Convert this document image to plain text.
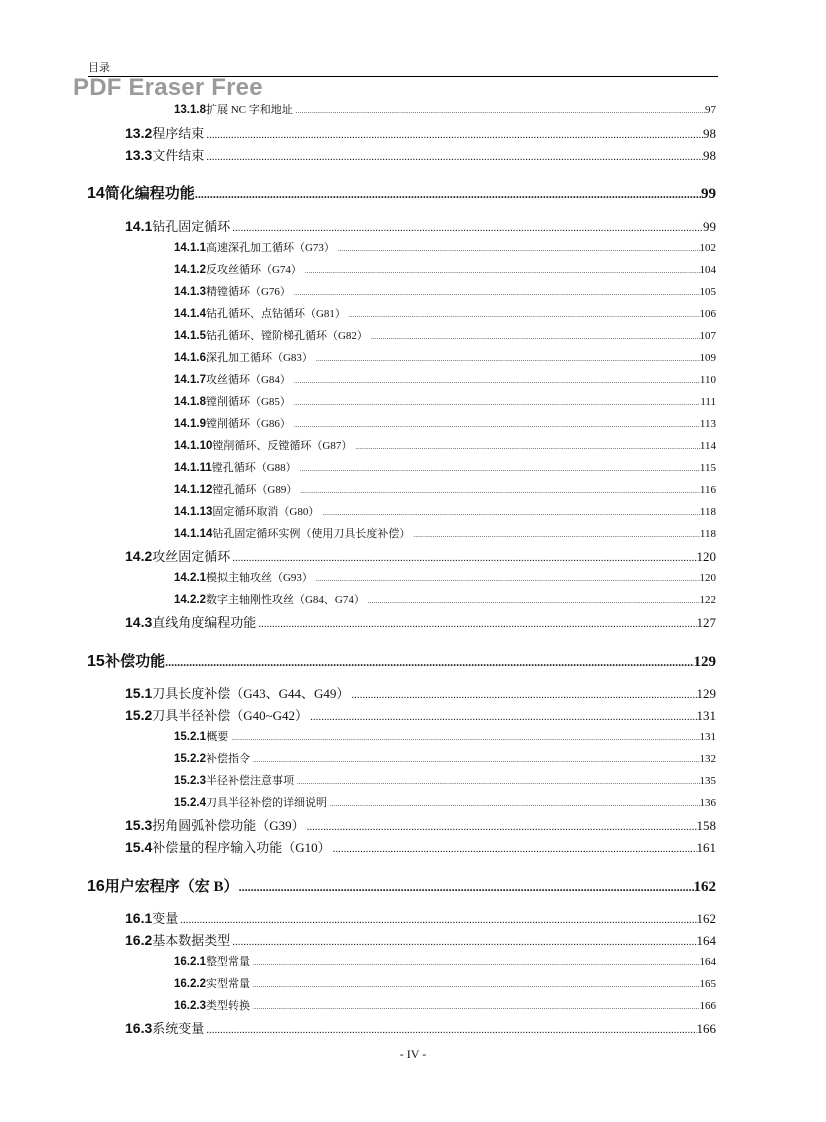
目录
PDF Eraser Free
13.1.8 扩展 NC 字和地址 .....	97
13.2 程序结束 .....	98
13.3 文件结束 .....	98
14 简化编程功能 .....	99
14.1 钻孔固定循环 .....	99
14.1.1 高速深孔加工循环（G73） .....	102
14.1.2 反攻丝循环（G74） .....	104
14.1.3 精镗循环（G76） .....	105
14.1.4 钻孔循环、点钻循环（G81） .....	106
14.1.5 钻孔循环、镗阶梯孔循环（G82） .....	107
14.1.6 深孔加工循环（G83） .....	109
14.1.7 攻丝循环（G84） .....	110
14.1.8 镗削循环（G85） .....	111
14.1.9 镗削循环（G86） .....	113
14.1.10 镗削循环、反镗循环（G87） .....	114
14.1.11 镗孔循环（G88） .....	115
14.1.12 镗孔循环（G89） .....	116
14.1.13 固定循环取消（G80） .....	118
14.1.14 钻孔固定循环实例（使用刀具长度补偿） .....	118
14.2 攻丝固定循环 .....	120
14.2.1 模拟主轴攻丝（G93） .....	120
14.2.2 数字主轴刚性攻丝（G84、G74） .....	122
14.3 直线角度编程功能 .....	127
15 补偿功能 .....	129
15.1 刀具长度补偿（G43、G44、G49） .....	129
15.2 刀具半径补偿（G40~G42） .....	131
15.2.1 概要 .....	131
15.2.2 补偿指令 .....	132
15.2.3 半径补偿注意事项 .....	135
15.2.4 刀具半径补偿的详细说明 .....	136
15.3 拐角圆弧补偿功能（G39） .....	158
15.4 补偿量的程序输入功能（G10） .....	161
16 用户宏程序（宏 B） .....	162
16.1 变量 .....	162
16.2 基本数据类型 .....	164
16.2.1 整型常量 .....	164
16.2.2 实型常量 .....	165
16.2.3 类型转换 .....	166
16.3 系统变量 .....	166
- IV -
